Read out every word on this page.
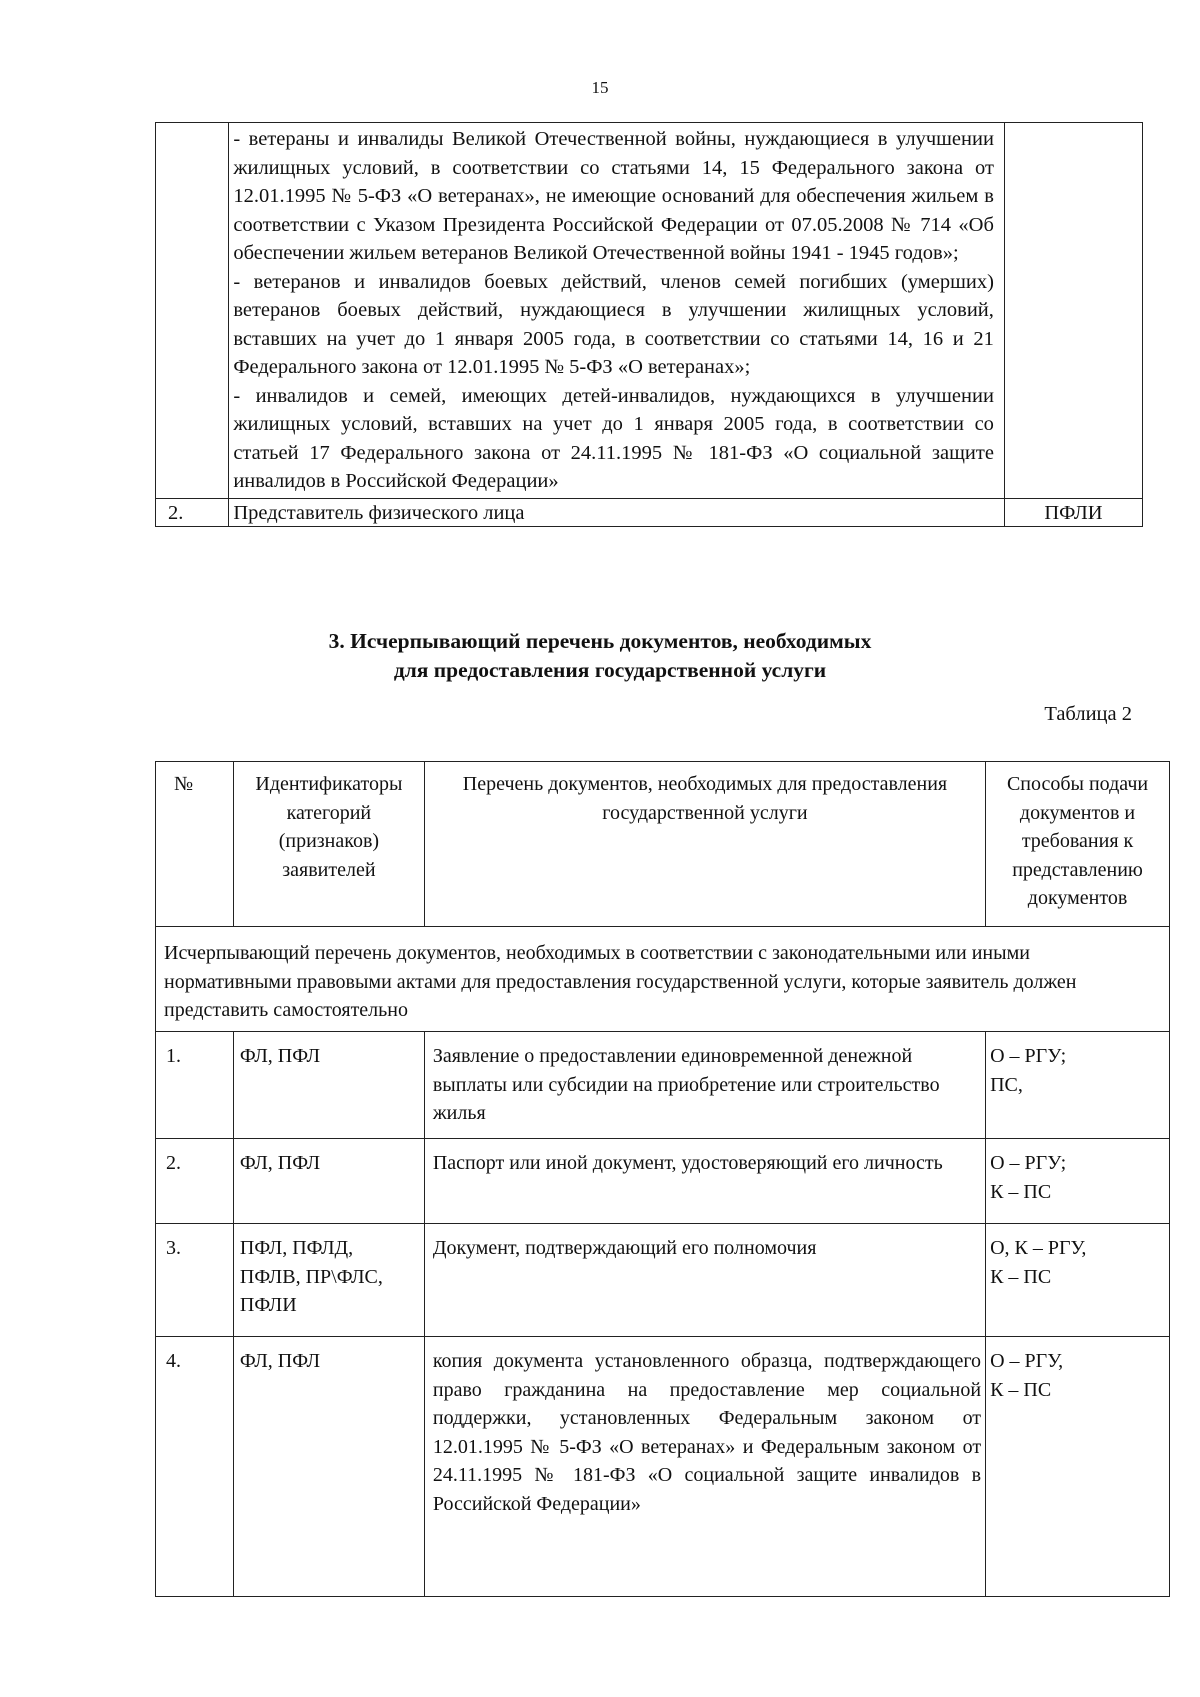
15

	- ветераны и инвалиды Великой Отечественной войны, нуждающиеся в улучшении жилищных условий, в соответствии со статьями 14, 15 Федерального закона от 12.01.1995 № 5-ФЗ «О ветеранах», не имеющие оснований для обеспечения жильем в соответствии с Указом Президента Российской Федерации от 07.05.2008 № 714 «Об обеспечении жильем ветеранов Великой Отечественной войны 1941 - 1945 годов»;

- ветеранов и инвалидов боевых действий, членов семей погибших (умерших) ветеранов боевых действий, нуждающиеся в улучшении жилищных условий, вставших на учет до 1 января 2005 года, в соответствии со статьями 14, 16 и 21 Федерального закона от 12.01.1995 № 5-ФЗ «О ветеранах»;

- инвалидов и семей, имеющих детей-инвалидов, нуждающихся в улучшении жилищных условий, вставших на учет до 1 января 2005 года, в соответствии со статьей 17 Федерального закона от 24.11.1995 № 181-ФЗ «О социальной защите инвалидов в Российской Федерации»	

2.	Представитель физического лица	ПФЛИ
3. Исчерпывающий перечень документов, необходимых
для предоставления государственной услуги
Таблица 2
№	Идентификаторы категорий (признаков) заявителей	Перечень документов, необходимых для предоставления государственной услуги	Способы подачи документов и требования к представлению документов
Исчерпывающий перечень документов, необходимых в соответствии с законодательными или иными нормативными правовыми актами для предоставления государственной услуги, которые заявитель должен представить самостоятельно			
1.	ФЛ, ПФЛ	Заявление о предоставлении единовременной денежной выплаты или субсидии на приобретение или строительство жилья	О – РГУ;
ПС,

2.	ФЛ, ПФЛ	Паспорт или иной документ, удостоверяющий его личность	О – РГУ;
К – ПС

3.	ПФЛ, ПФЛД, ПФЛВ, ПР\ФЛС, ПФЛИ	Документ, подтверждающий его полномочия	О, К – РГУ,
К – ПС

4.	ФЛ, ПФЛ	копия документа установленного образца, подтверждающего право гражданина на предоставление мер социальной поддержки, установленных Федеральным законом от 12.01.1995 № 5-ФЗ «О ветеранах» и Федеральным законом от 24.11.1995 № 181-ФЗ «О социальной защите инвалидов в Российской Федерации»	О – РГУ,
К – ПС
